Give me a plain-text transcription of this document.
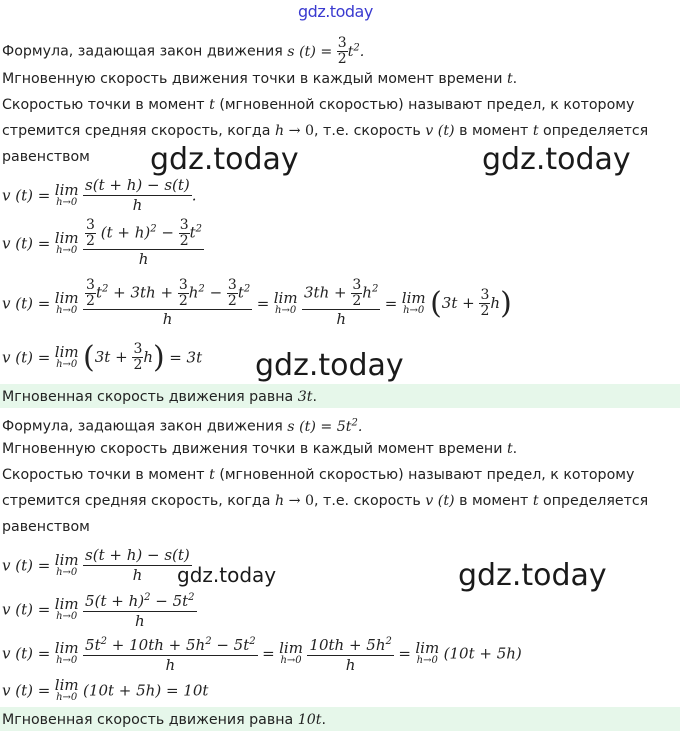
gdz.today
gdz.today	gdz.today
gdz.today
gdz.today	gdz.today
Формула, задающая закон движения s $(t) = \frac{3}{2} t^2$.
Мгновенную скорость движения точки в каждый момент времени t.
Скоростью точки в момент t (мгновенной скоростью) называют предел, к которому
стремится средняя скорость, когда h → 0, т.е. скорость v (t) в момент t определяется
равенством
v (t) = lim
h→0
$\frac{s(t + h) - s(t)}{h}$ .
v (t) = lim
h→0
$\frac{\frac{3}{2} (t + h)^2 - \frac{3}{2} t^2}{h}$
v (t) = lim
h→0
$\frac{\frac{3}{2} t^2 + 3th + \frac{3}{2} h^2 - \frac{3}{2} t^2}{h} = \lim$
h→0
$\frac{3th + \frac{3}{2} h^2}{h} = \lim$
h→0 $(3t + \frac{3}{2} h)$
v (t) = lim
h→0 $(3t + \frac{3}{2} h) = 3t$
Мгновенная скорость движения равна 3t.
Формула, задающая закон движения s $(t) = 5t^2$.
Мгновенную скорость движения точки в каждый момент времени t.
Скоростью точки в момент t (мгновенной скоростью) называют предел, к которому
стремится средняя скорость, когда h → 0, т.е. скорость v (t) в момент t определяется
равенством
v (t) = lim
h→0
$\frac{s(t + h) - s(t)}{h}$
v (t) = lim
h→0
$\frac{5(t + h)^2 - 5t^2}{h}$
v (t) = lim
h→0
$\frac{5t^2 + 10th + 5h^2 - 5t^2}{h} = \lim$
h→0
$\frac{10th + 5h^2}{h} = \lim$
h→0 (10t + 5h)
v (t) = lim
h→0 (10t + 5h) = 10t
Мгновенная скорость движения равна 10t.
